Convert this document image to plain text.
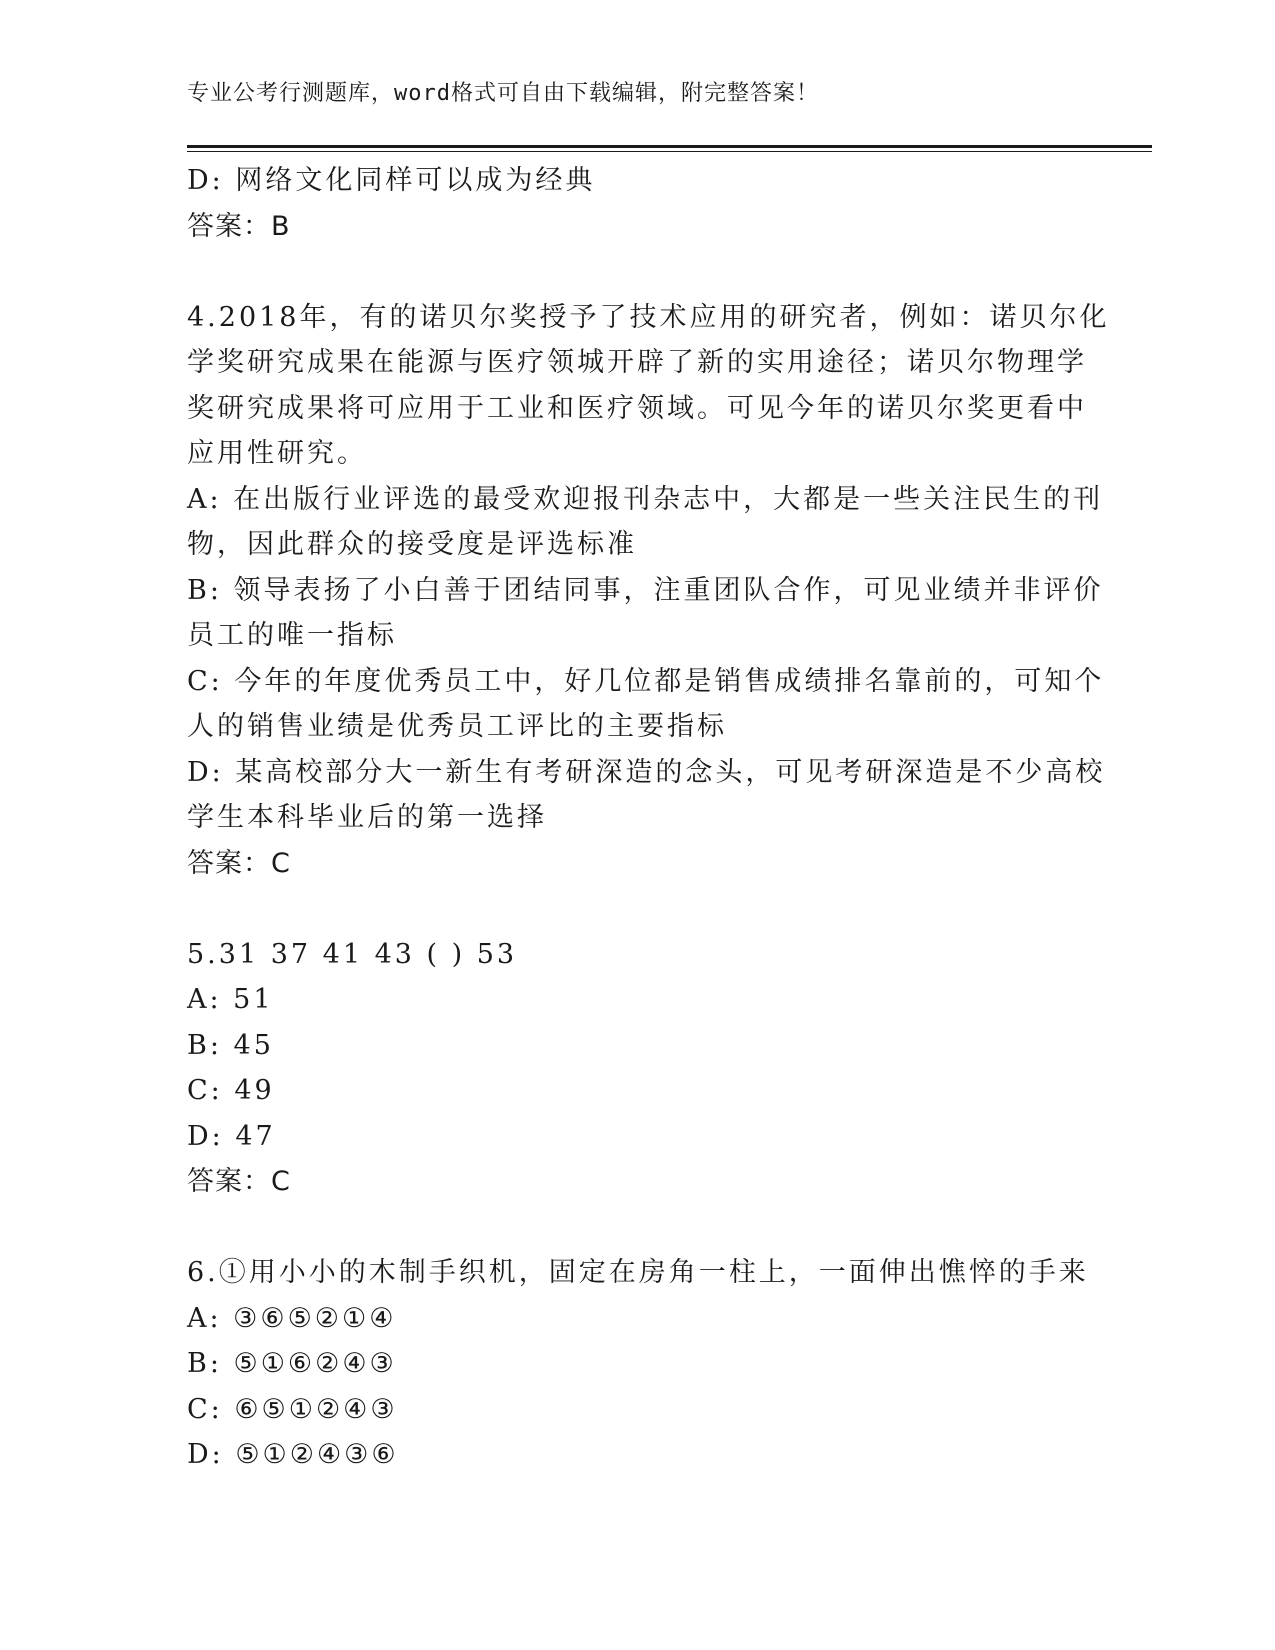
专业公考行测题库，word格式可自由下载编辑，附完整答案！
D: 网络文化同样可以成为经典
答案：B
4.2018年，有的诺贝尔奖授予了技术应用的研究者，例如：诺贝尔化
学奖研究成果在能源与医疗领城开辟了新的实用途径；诺贝尔物理学
奖研究成果将可应用于工业和医疗领域。可见今年的诺贝尔奖更看中
应用性研究。
A: 在出版行业评选的最受欢迎报刊杂志中，大都是一些关注民生的刊
物，因此群众的接受度是评选标准
B: 领导表扬了小白善于团结同事，注重团队合作，可见业绩并非评价
员工的唯一指标
C: 今年的年度优秀员工中，好几位都是销售成绩排名靠前的，可知个
人的销售业绩是优秀员工评比的主要指标
D: 某高校部分大一新生有考研深造的念头，可见考研深造是不少高校
学生本科毕业后的第一选择
答案：C
5.31 37 41 43 ( ) 53
A: 51
B: 45
C: 49
D: 47
答案：C
6.①用小小的木制手织机，固定在房角一柱上，一面伸出憔悴的手来
A: ③⑥⑤②①④
B: ⑤①⑥②④③
C: ⑥⑤①②④③
D: ⑤①②④③⑥
